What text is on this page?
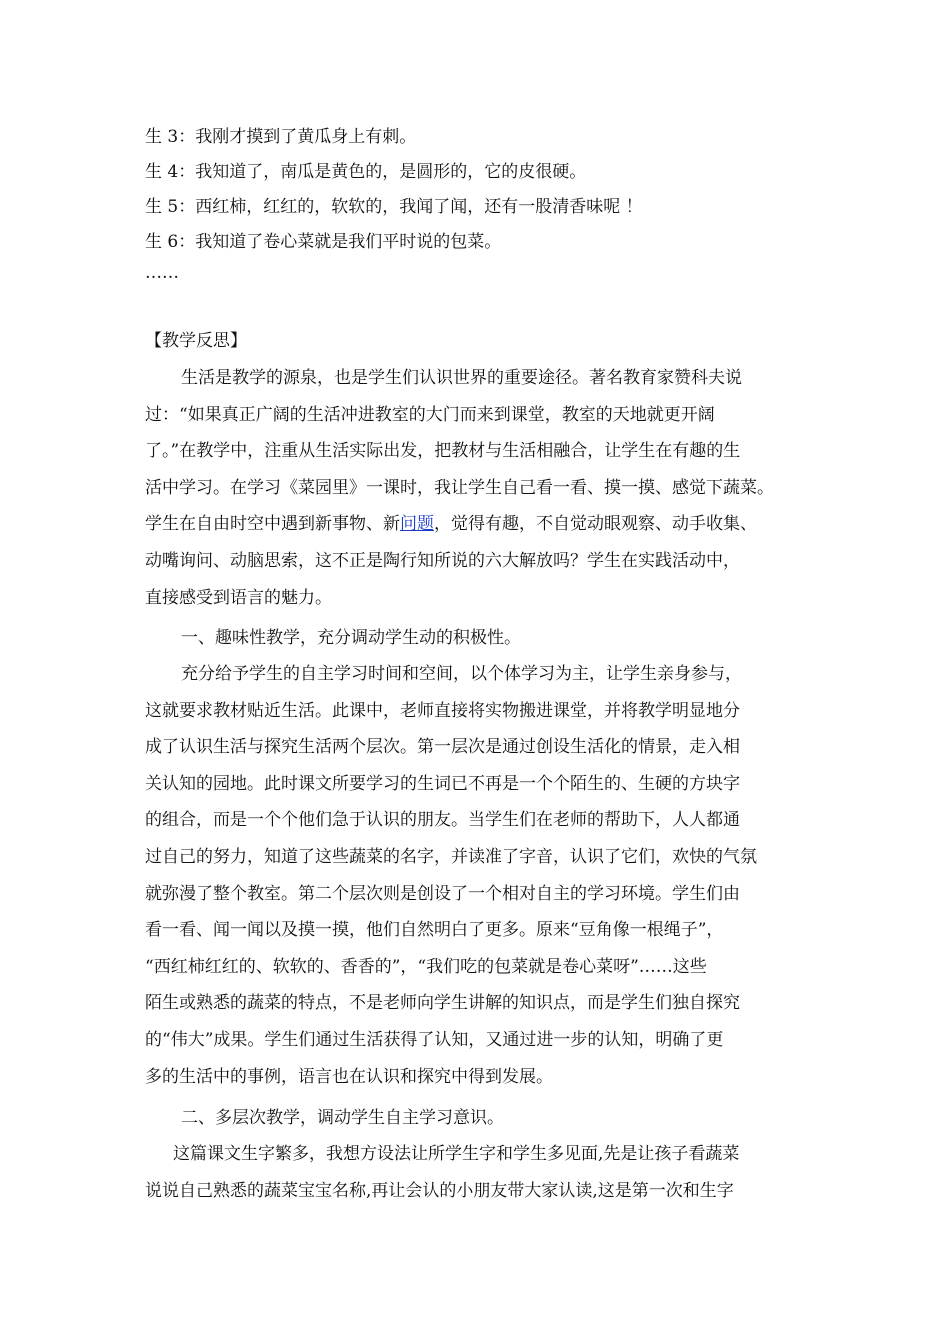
生 3：我刚才摸到了黄瓜身上有刺。
生 4：我知道了，南瓜是黄色的，是圆形的，它的皮很硬。
生 5：西红柿，红红的，软软的，我闻了闻，还有一股清香味呢 ！
生 6：我知道了卷心菜就是我们平时说的包菜。
……
【教学反思】
生活是教学的源泉，也是学生们认识世界的重要途径。著名教育家赞科夫说
过：“如果真正广阔的生活冲进教室的大门而来到课堂，教室的天地就更开阔
了。”在教学中，注重从生活实际出发，把教材与生活相融合，让学生在有趣的生
活中学习。在学习《菜园里》一课时，我让学生自己看一看、摸一摸、感觉下蔬菜。
学生在自由时空中遇到新事物、新问题，觉得有趣，不自觉动眼观察、动手收集、
动嘴询问、动脑思索，这不正是陶行知所说的六大解放吗？学生在实践活动中，
直接感受到语言的魅力。
一、趣味性教学，充分调动学生动的积极性。
充分给予学生的自主学习时间和空间，以个体学习为主，让学生亲身参与，
这就要求教材贴近生活。此课中，老师直接将实物搬进课堂，并将教学明显地分
成了认识生活与探究生活两个层次。第一层次是通过创设生活化的情景，走入相
关认知的园地。此时课文所要学习的生词已不再是一个个陌生的、生硬的方块字
的组合，而是一个个他们急于认识的朋友。当学生们在老师的帮助下，人人都通
过自己的努力，知道了这些蔬菜的名字，并读准了字音，认识了它们，欢快的气氛
就弥漫了整个教室。第二个层次则是创设了一个相对自主的学习环境。学生们由
看一看、闻一闻以及摸一摸，他们自然明白了更多。原来“豆角像一根绳子”，
“西红柿红红的、软软的、香香的”，“我们吃的包菜就是卷心菜呀”……这些
陌生或熟悉的蔬菜的特点，不是老师向学生讲解的知识点，而是学生们独自探究
的“伟大”成果。学生们通过生活获得了认知，又通过进一步的认知，明确了更
多的生活中的事例，语言也在认识和探究中得到发展。
二、多层次教学，调动学生自主学习意识。
这篇课文生字繁多，我想方设法让所学生字和学生多见面,先是让孩子看蔬菜
说说自己熟悉的蔬菜宝宝名称,再让会认的小朋友带大家认读,这是第一次和生字
